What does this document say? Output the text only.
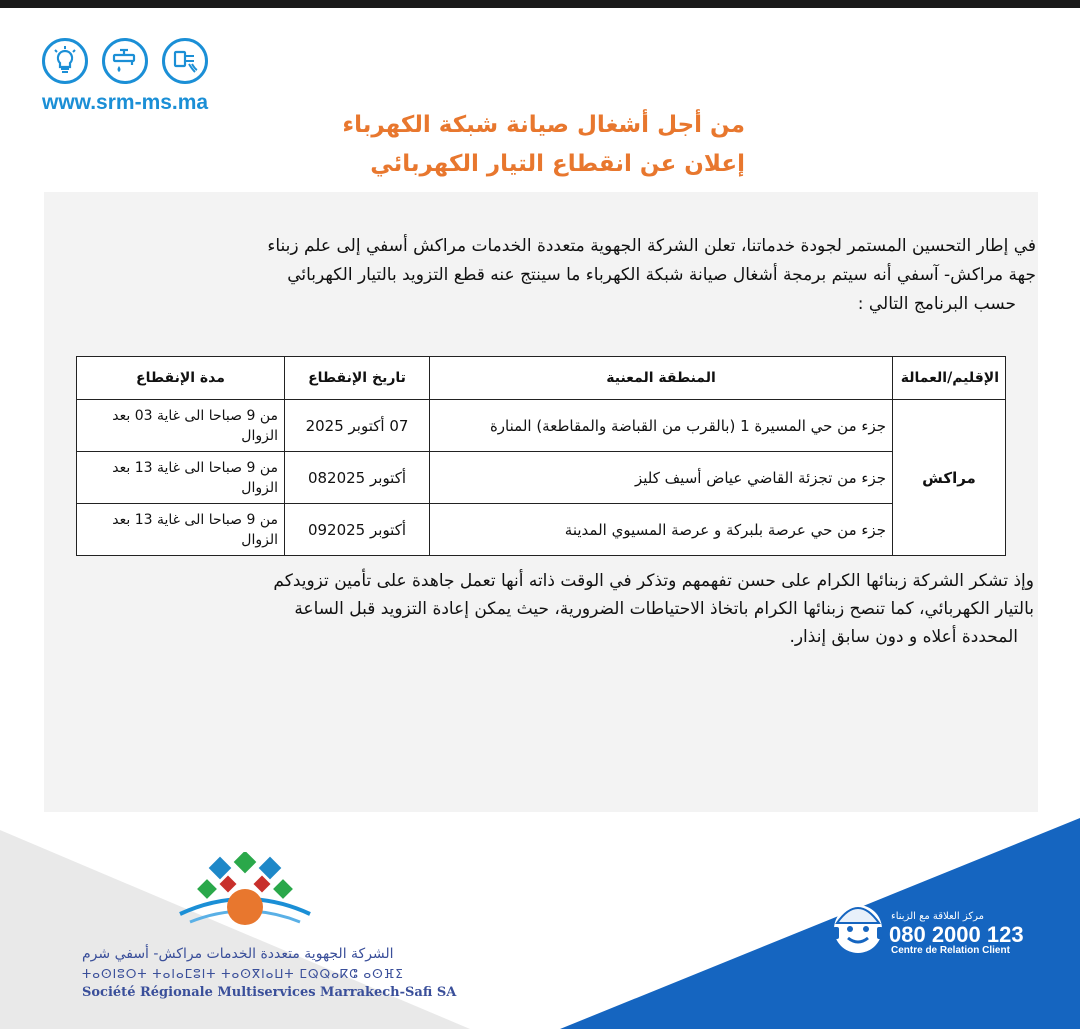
www.srm-ms.ma
من أجل أشغال صيانة شبكة الكهرباء
إعلان عن انقطاع التيار الكهربائي
في إطار التحسين المستمر لجودة خدماتنا، تعلن الشركة الجهوية متعددة الخدمات مراكش أسفي إلى علم زبناء
جهة مراكش- آسفي أنه سيتم برمجة أشغال صيانة شبكة الكهرباء ما سينتج عنه قطع التزويد بالتيار الكهربائي
حسب البرنامج التالي :
الإقليم/العمالة	المنطقة المعنية	تاريخ الإنقطاع	مدة الإنقطاع
مراكش	جزء من حي المسيرة 1 (بالقرب من القباضة والمقاطعة) المنارة	07 أكتوبر 2025	من 9 صباحا الى غاية 03 بعد الزوال
	جزء من تجزئة القاضي عياض أسيف كليز	أكتوبر 082025	من 9 صباحا الى غاية 13 بعد الزوال
	جزء من حي عرصة بلبركة و عرصة المسيوي المدينة	أكتوبر 092025	من 9 صباحا الى غاية 13 بعد الزوال
وإذ تشكر الشركة زبنائها الكرام على حسن تفهمهم وتذكر في الوقت ذاته أنها تعمل جاهدة على تأمين تزويدكم
بالتيار الكهربائي، كما تنصح زبنائها الكرام باتخاذ الاحتياطات الضرورية، حيث يمكن إعادة التزويد قبل الساعة
المحددة أعلاه و دون سابق إنذار.
الشركة الجهوية متعددة الخدمات مراكش- أسفي شرم
ⵜⴰⵙⵏⵓⵔⵜ ⵜⴰⵏⴰⵎⵓⵏⵜ ⵜⴰⵙⴳⵏⴰⵡⵜ ⵎⵕⵕⴰⴽⵛ ⴰⵙⴼⵉ
Société Régionale Multiservices Marrakech-Safi SA
مركز العلاقة مع الزبناء
080 2000 123
Centre de Relation Client
